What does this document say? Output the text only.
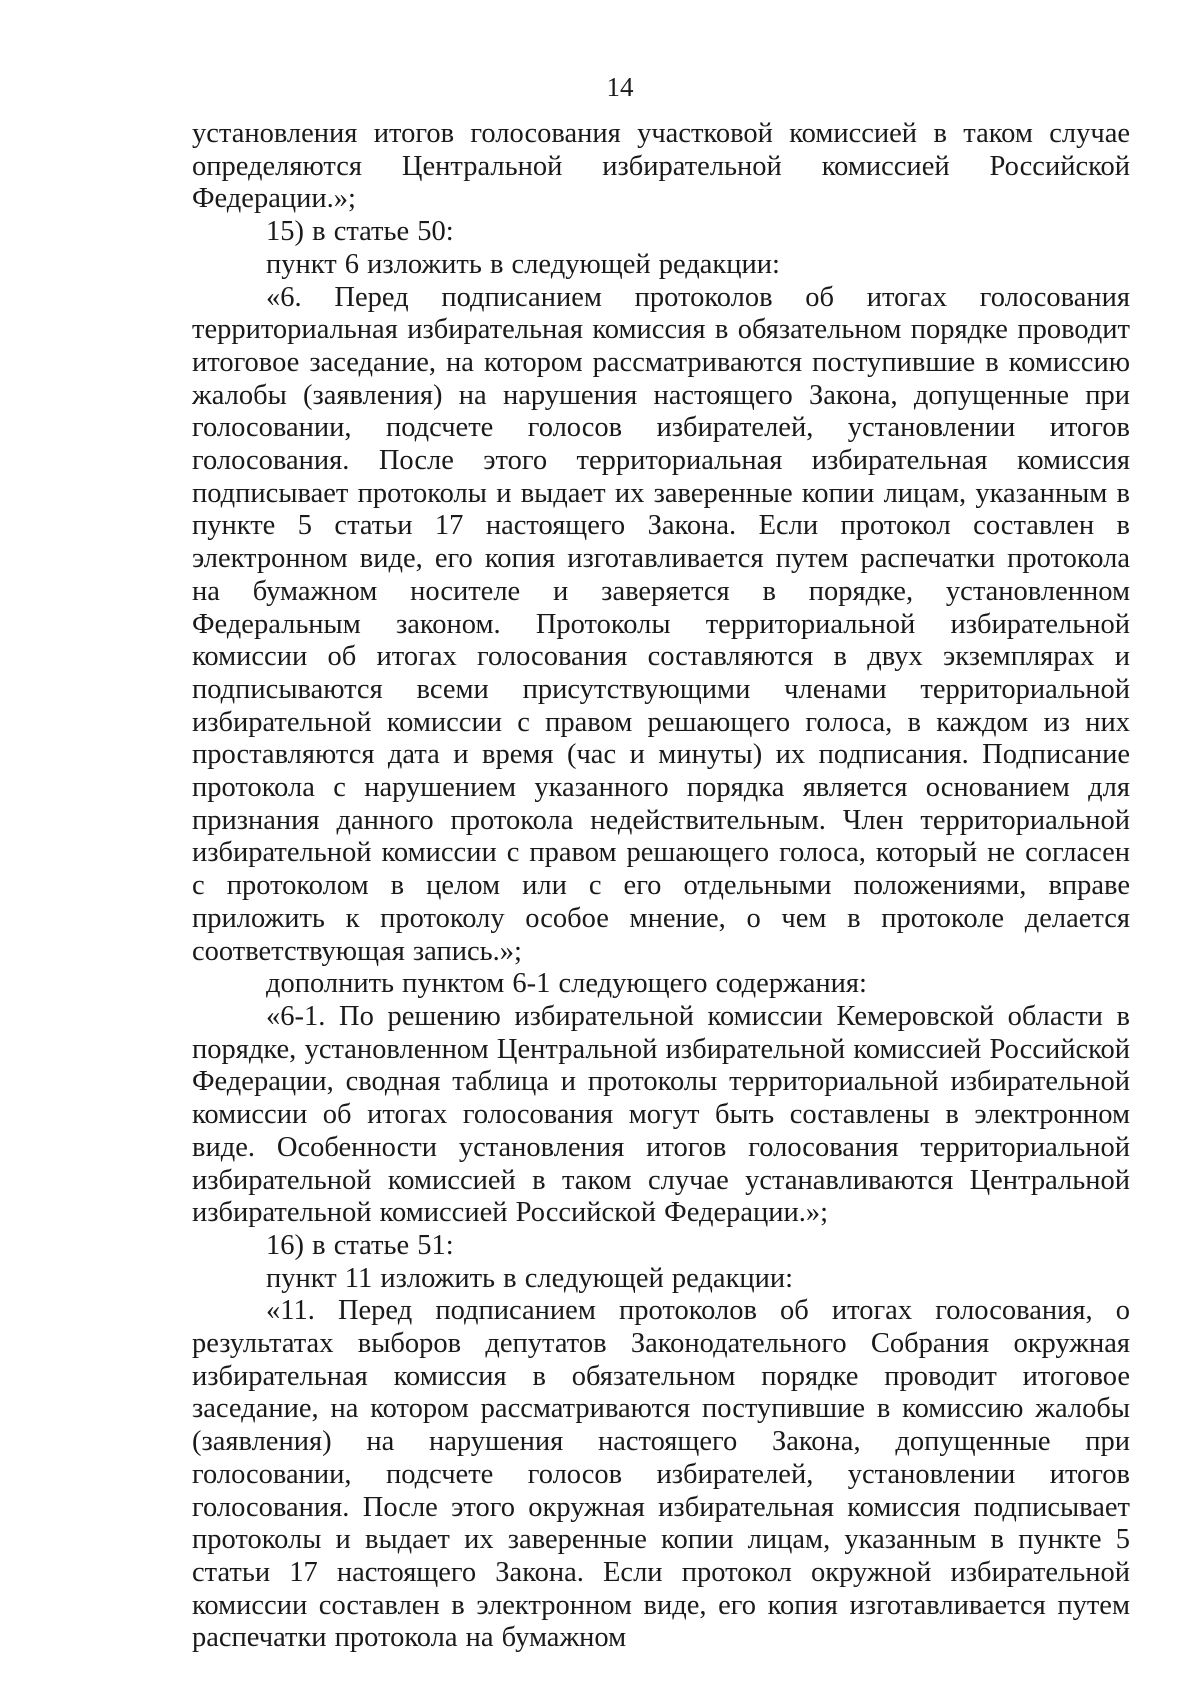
14

установления итогов голосования участковой комиссией в таком случае определяются Центральной избирательной комиссией Российской Федерации.»;

15) в статье 50:

пункт 6 изложить в следующей редакции:

«6. Перед подписанием протоколов об итогах голосования территориальная избирательная комиссия в обязательном порядке проводит итоговое заседание, на котором рассматриваются поступившие в комиссию жалобы (заявления) на нарушения настоящего Закона, допущенные при голосовании, подсчете голосов избирателей, установлении итогов голосования. После этого территориальная избирательная комиссия подписывает протоколы и выдает их заверенные копии лицам, указанным в пункте 5 статьи 17 настоящего Закона. Если протокол составлен в электронном виде, его копия изготавливается путем распечатки протокола на бумажном носителе и заверяется в порядке, установленном Федеральным законом. Протоколы территориальной избирательной комиссии об итогах голосования составляются в двух экземплярах и подписываются всеми присутствующими членами территориальной избирательной комиссии с правом решающего голоса, в каждом из них проставляются дата и время (час и минуты) их подписания. Подписание протокола с нарушением указанного порядка является основанием для признания данного протокола недействительным. Член территориальной избирательной комиссии с правом решающего голоса, который не согласен с протоколом в целом или с его отдельными положениями, вправе приложить к протоколу особое мнение, о чем в протоколе делается соответствующая запись.»;

дополнить пунктом 6-1 следующего содержания:

«6-1. По решению избирательной комиссии Кемеровской области в порядке, установленном Центральной избирательной комиссией Российской Федерации, сводная таблица и протоколы территориальной избирательной комиссии об итогах голосования могут быть составлены в электронном виде. Особенности установления итогов голосования территориальной избирательной комиссией в таком случае устанавливаются Центральной избирательной комиссией Российской Федерации.»;

16) в статье 51:

пункт 11 изложить в следующей редакции:

«11. Перед подписанием протоколов об итогах голосования, о результатах выборов депутатов Законодательного Собрания окружная избирательная комиссия в обязательном порядке проводит итоговое заседание, на котором рассматриваются поступившие в комиссию жалобы (заявления) на нарушения настоящего Закона, допущенные при голосовании, подсчете голосов избирателей, установлении итогов голосования. После этого окружная избирательная комиссия подписывает протоколы и выдает их заверенные копии лицам, указанным в пункте 5 статьи 17 настоящего Закона. Если протокол окружной избирательной комиссии составлен в электронном виде, его копия изготавливается путем распечатки протокола на бумажном
